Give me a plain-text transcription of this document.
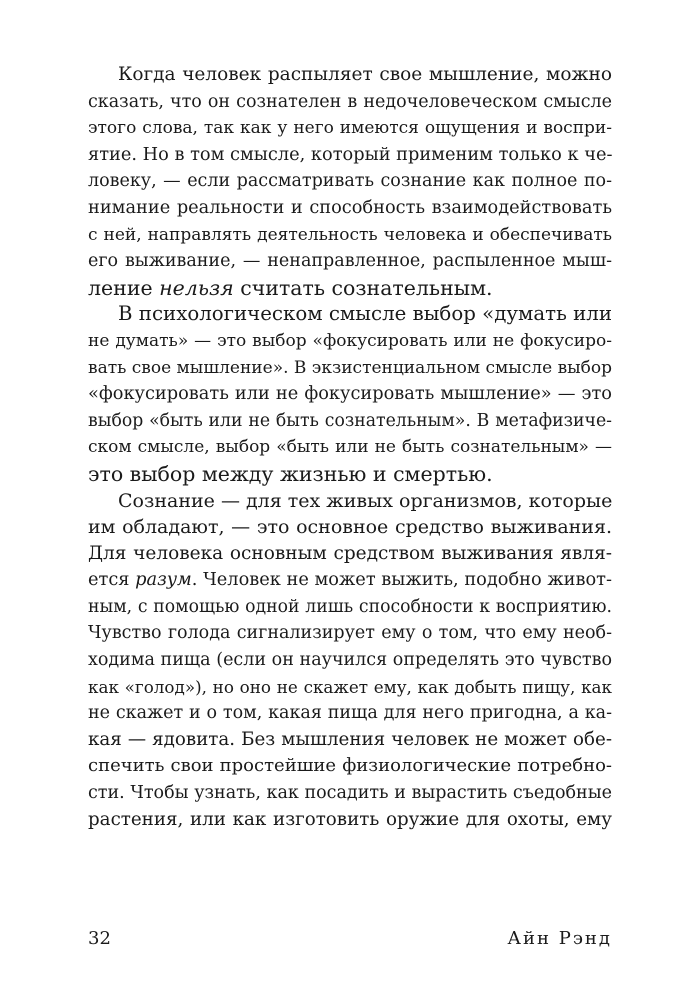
Когда человек распыляет свое мышление, можно
сказать, что он сознателен в недочеловеческом смысле
этого слова, так как у него имеются ощущения и воспри-
ятие. Но в том смысле, который применим только к че-
ловеку, — если рассматривать сознание как полное по-
нимание реальности и способность взаимодействовать
с ней, направлять деятельность человека и обеспечивать
его выживание, — ненаправленное, распыленное мыш-
ление нельзя считать сознательным.
В психологическом смысле выбор «думать или
не думать» — это выбор «фокусировать или не фокусиро-
вать свое мышление». В экзистенциальном смысле выбор
«фокусировать или не фокусировать мышление» — это
выбор «быть или не быть сознательным». В метафизиче-
ском смысле, выбор «быть или не быть сознательным» —
это выбор между жизнью и смертью.
Сознание — для тех живых организмов, которые
им обладают, — это основное средство выживания.
Для человека основным средством выживания явля-
ется разум. Человек не может выжить, подобно живот-
ным, с помощью одной лишь способности к восприятию.
Чувство голода сигнализирует ему о том, что ему необ-
ходима пища (если он научился определять это чувство
как «голод»), но оно не скажет ему, как добыть пищу, как
не скажет и о том, какая пища для него пригодна, а ка-
кая — ядовита. Без мышления человек не может обе-
спечить свои простейшие физиологические потребно-
сти. Чтобы узнать, как посадить и вырастить съедобные
растения, или как изготовить оружие для охоты, ему
32	Айн Рэнд
